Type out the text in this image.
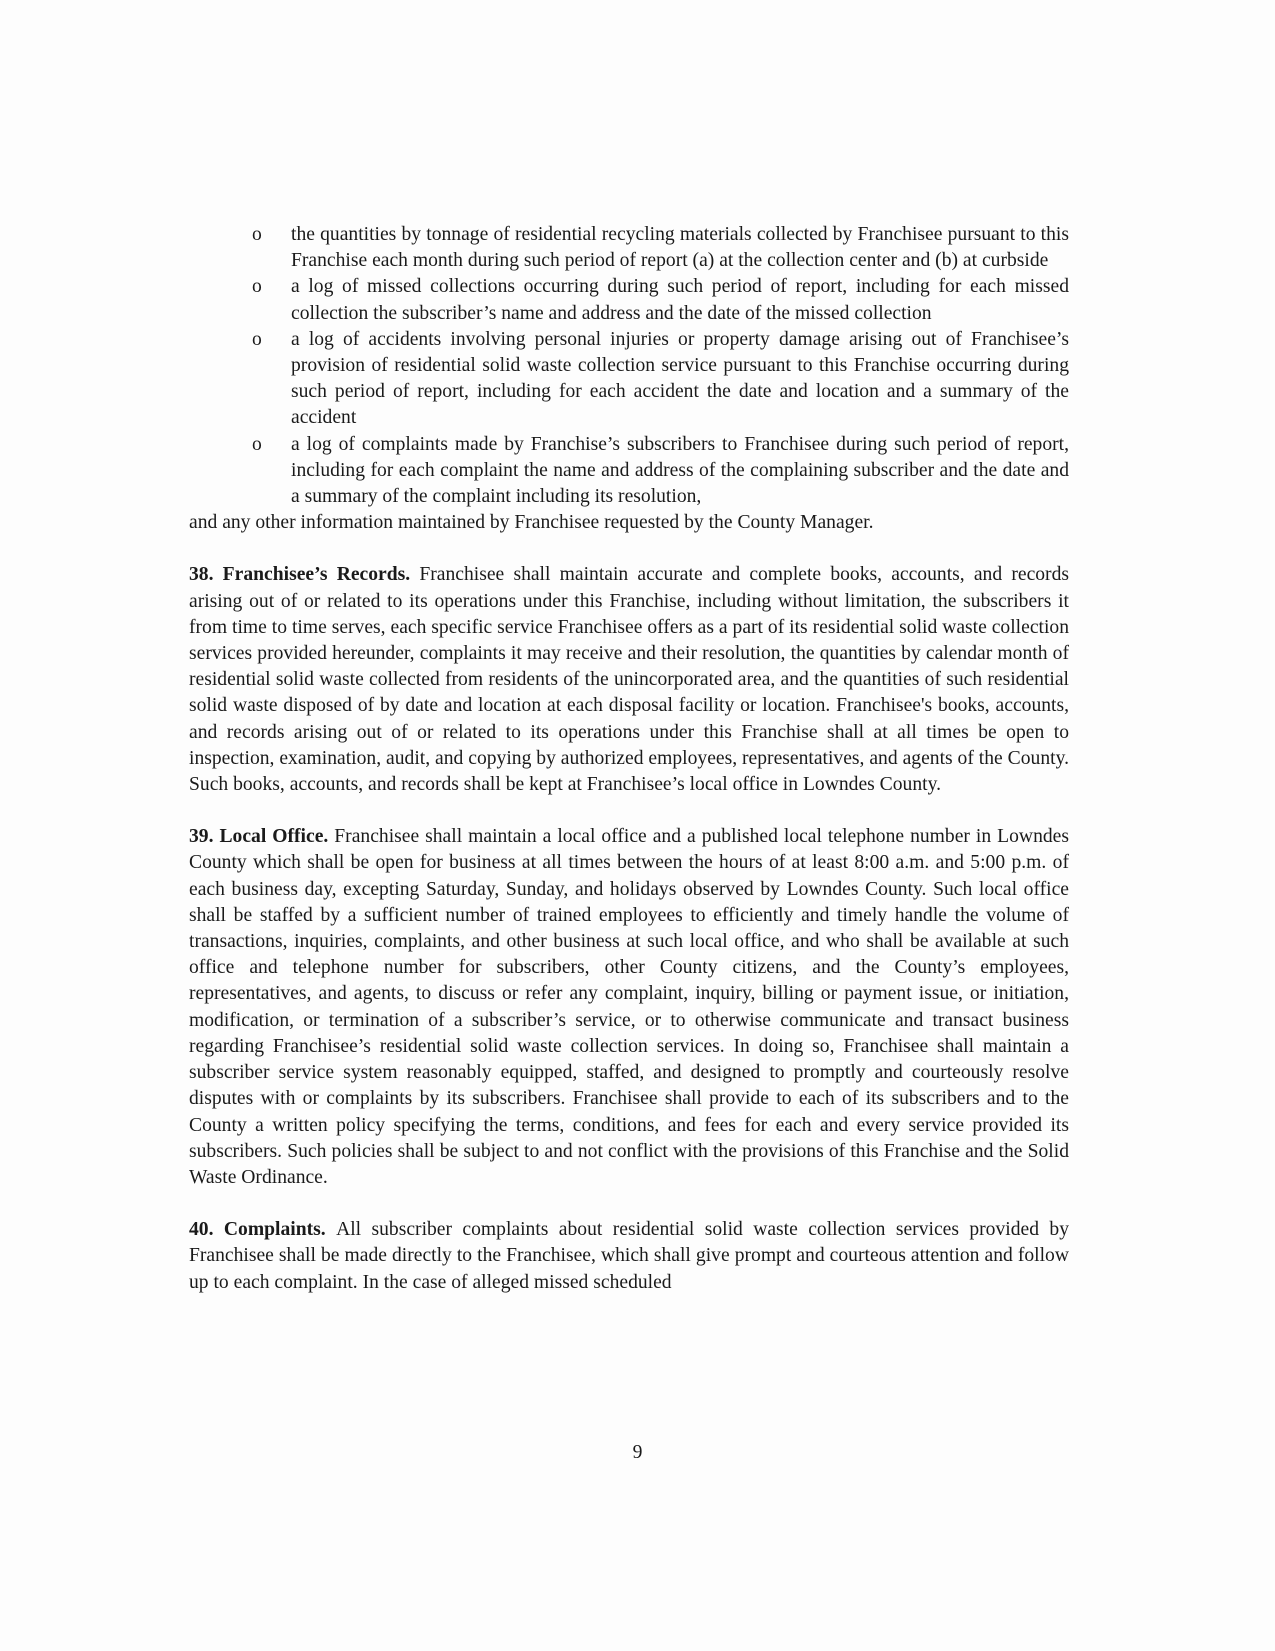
o	the quantities by tonnage of residential recycling materials collected by Franchisee pursuant to this Franchise each month during such period of report (a) at the collection center and (b) at curbside
o	a log of missed collections occurring during such period of report, including for each missed collection the subscriber’s name and address and the date of the missed collection
o	a log of accidents involving personal injuries or property damage arising out of Franchisee’s provision of residential solid waste collection service pursuant to this Franchise occurring during such period of report, including for each accident the date and location and a summary of the accident
o	a log of complaints made by Franchise’s subscribers to Franchisee during such period of report, including for each complaint the name and address of the complaining subscriber and the date and a summary of the complaint including its resolution,

and any other information maintained by Franchisee requested by the County Manager.

38. Franchisee’s Records. Franchisee shall maintain accurate and complete books, accounts, and records arising out of or related to its operations under this Franchise, including without limitation, the subscribers it from time to time serves, each specific service Franchisee offers as a part of its residential solid waste collection services provided hereunder, complaints it may receive and their resolution, the quantities by calendar month of residential solid waste collected from residents of the unincorporated area, and the quantities of such residential solid waste disposed of by date and location at each disposal facility or location. Franchisee's books, accounts, and records arising out of or related to its operations under this Franchise shall at all times be open to inspection, examination, audit, and copying by authorized employees, representatives, and agents of the County. Such books, accounts, and records shall be kept at Franchisee’s local office in Lowndes County.

39. Local Office. Franchisee shall maintain a local office and a published local telephone number in Lowndes County which shall be open for business at all times between the hours of at least 8:00 a.m. and 5:00 p.m. of each business day, excepting Saturday, Sunday, and holidays observed by Lowndes County. Such local office shall be staffed by a sufficient number of trained employees to efficiently and timely handle the volume of transactions, inquiries, complaints, and other business at such local office, and who shall be available at such office and telephone number for subscribers, other County citizens, and the County’s employees, representatives, and agents, to discuss or refer any complaint, inquiry, billing or payment issue, or initiation, modification, or termination of a subscriber’s service, or to otherwise communicate and transact business regarding Franchisee’s residential solid waste collection services. In doing so, Franchisee shall maintain a subscriber service system reasonably equipped, staffed, and designed to promptly and courteously resolve disputes with or complaints by its subscribers. Franchisee shall provide to each of its subscribers and to the County a written policy specifying the terms, conditions, and fees for each and every service provided its subscribers. Such policies shall be subject to and not conflict with the provisions of this Franchise and the Solid Waste Ordinance.

40. Complaints. All subscriber complaints about residential solid waste collection services provided by Franchisee shall be made directly to the Franchisee, which shall give prompt and courteous attention and follow up to each complaint. In the case of alleged missed scheduled

9
